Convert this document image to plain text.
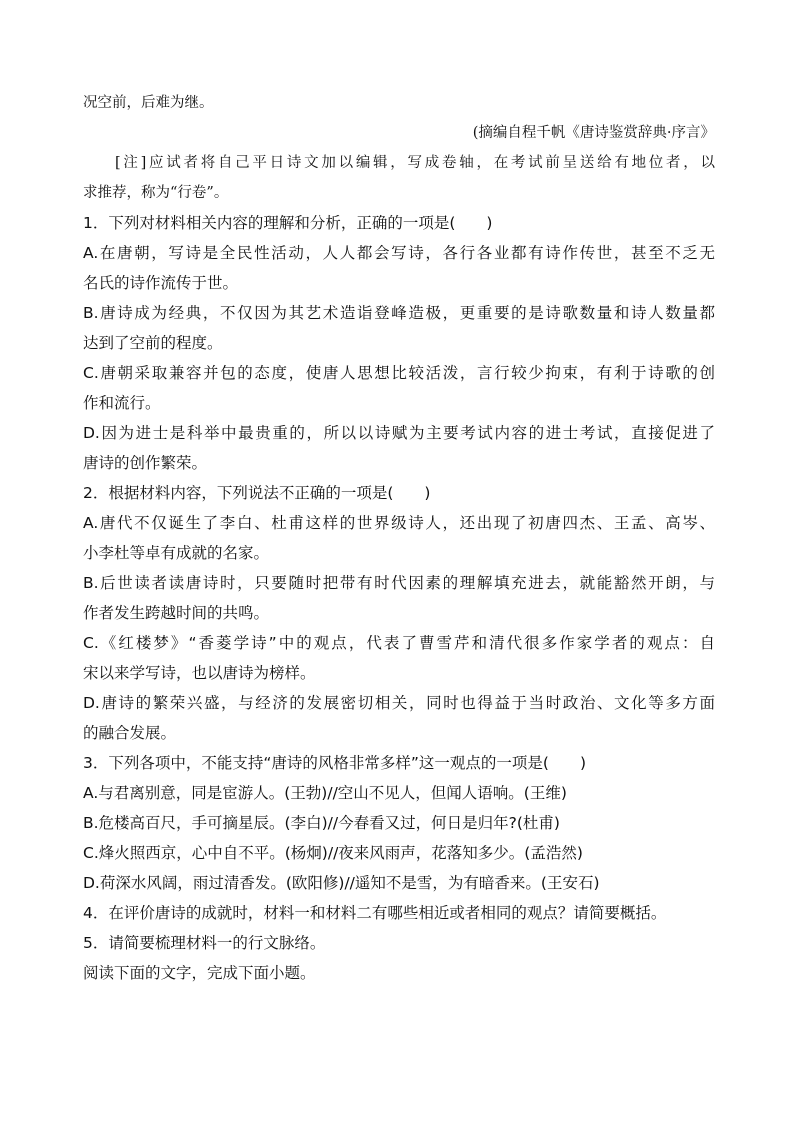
况空前，后难为继。
(摘编自程千帆《唐诗鉴赏辞典·序言》
[注]应试者将自己平日诗文加以编辑，写成卷轴，在考试前呈送给有地位者，以
求推荐，称为“行卷”。
1．下列对材料相关内容的理解和分析，正确的一项是(　　)
A.在唐朝，写诗是全民性活动，人人都会写诗，各行各业都有诗作传世，甚至不乏无
名氏的诗作流传于世。
B.唐诗成为经典，不仅因为其艺术造诣登峰造极，更重要的是诗歌数量和诗人数量都
达到了空前的程度。
C.唐朝采取兼容并包的态度，使唐人思想比较活泼，言行较少拘束，有利于诗歌的创
作和流行。
D.因为进士是科举中最贵重的，所以以诗赋为主要考试内容的进士考试，直接促进了
唐诗的创作繁荣。
2．根据材料内容，下列说法不正确的一项是(　　)
A.唐代不仅诞生了李白、杜甫这样的世界级诗人，还出现了初唐四杰、王孟、高岑、
小李杜等卓有成就的名家。
B.后世读者读唐诗时，只要随时把带有时代因素的理解填充进去，就能豁然开朗，与
作者发生跨越时间的共鸣。
C.《红楼梦》“香菱学诗”中的观点，代表了曹雪芹和清代很多作家学者的观点：自
宋以来学写诗，也以唐诗为榜样。
D.唐诗的繁荣兴盛，与经济的发展密切相关，同时也得益于当时政治、文化等多方面
的融合发展。
3．下列各项中，不能支持“唐诗的风格非常多样”这一观点的一项是(　　)
A.与君离别意，同是宦游人。(王勃)//空山不见人，但闻人语响。(王维)
B.危楼高百尺，手可摘星辰。(李白)//今春看又过，何日是归年?(杜甫)
C.烽火照西京，心中自不平。(杨炯)//夜来风雨声，花落知多少。(孟浩然)
D.荷深水风阔，雨过清香发。(欧阳修)//遥知不是雪，为有暗香来。(王安石)
4．在评价唐诗的成就时，材料一和材料二有哪些相近或者相同的观点？请简要概括。
5．请简要梳理材料一的行文脉络。
阅读下面的文字，完成下面小题。
